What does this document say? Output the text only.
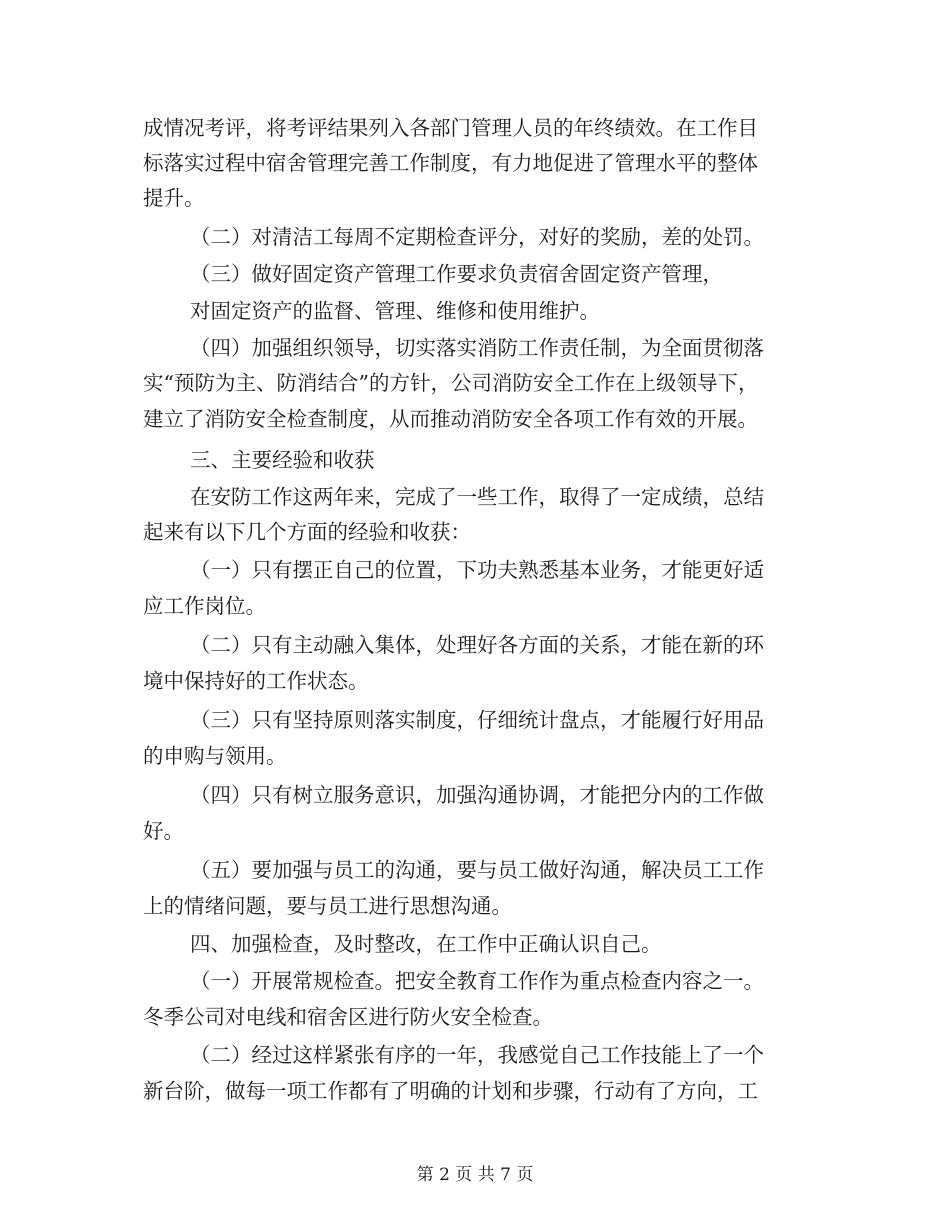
成情况考评，将考评结果列入各部门管理人员的年终绩效。在工作目
标落实过程中宿舍管理完善工作制度，有力地促进了管理水平的整体
提升。
（二）对清洁工每周不定期检查评分，对好的奖励，差的处罚。
（三）做好固定资产管理工作要求负责宿舍固定资产管理，
对固定资产的监督、管理、维修和使用维护。
（四）加强组织领导，切实落实消防工作责任制，为全面贯彻落
实“预防为主、防消结合”的方针，公司消防安全工作在上级领导下，
建立了消防安全检查制度，从而推动消防安全各项工作有效的开展。
三、主要经验和收获
在安防工作这两年来，完成了一些工作，取得了一定成绩，总结
起来有以下几个方面的经验和收获：
（一）只有摆正自己的位置，下功夫熟悉基本业务，才能更好适
应工作岗位。
（二）只有主动融入集体，处理好各方面的关系，才能在新的环
境中保持好的工作状态。
（三）只有坚持原则落实制度，仔细统计盘点，才能履行好用品
的申购与领用。
（四）只有树立服务意识，加强沟通协调，才能把分内的工作做
好。
（五）要加强与员工的沟通，要与员工做好沟通，解决员工工作
上的情绪问题，要与员工进行思想沟通。
四、加强检查，及时整改，在工作中正确认识自己。
（一）开展常规检查。把安全教育工作作为重点检查内容之一。
冬季公司对电线和宿舍区进行防火安全检查。
（二）经过这样紧张有序的一年，我感觉自己工作技能上了一个
新台阶，做每一项工作都有了明确的计划和步骤，行动有了方向，工
第 2 页 共 7 页
